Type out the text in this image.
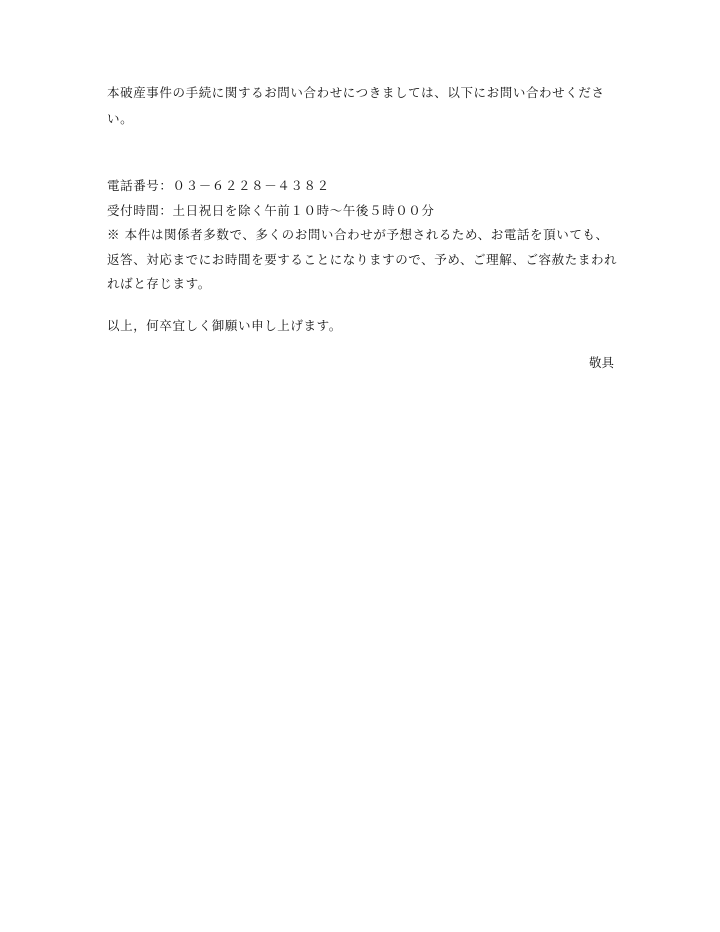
本破産事件の手続に関するお問い合わせにつきましては、以下にお問い合わせくださ
い。
電話番号：０３－６２２８－４３８２
受付時間：土日祝日を除く午前１０時～午後５時００分
※ 本件は関係者多数で、多くのお問い合わせが予想されるため、お電話を頂いても、
返答、対応までにお時間を要することになりますので、予め、ご理解、ご容赦たまわれ
ればと存じます。
以上，何卒宜しく御願い申し上げます。
敬具
